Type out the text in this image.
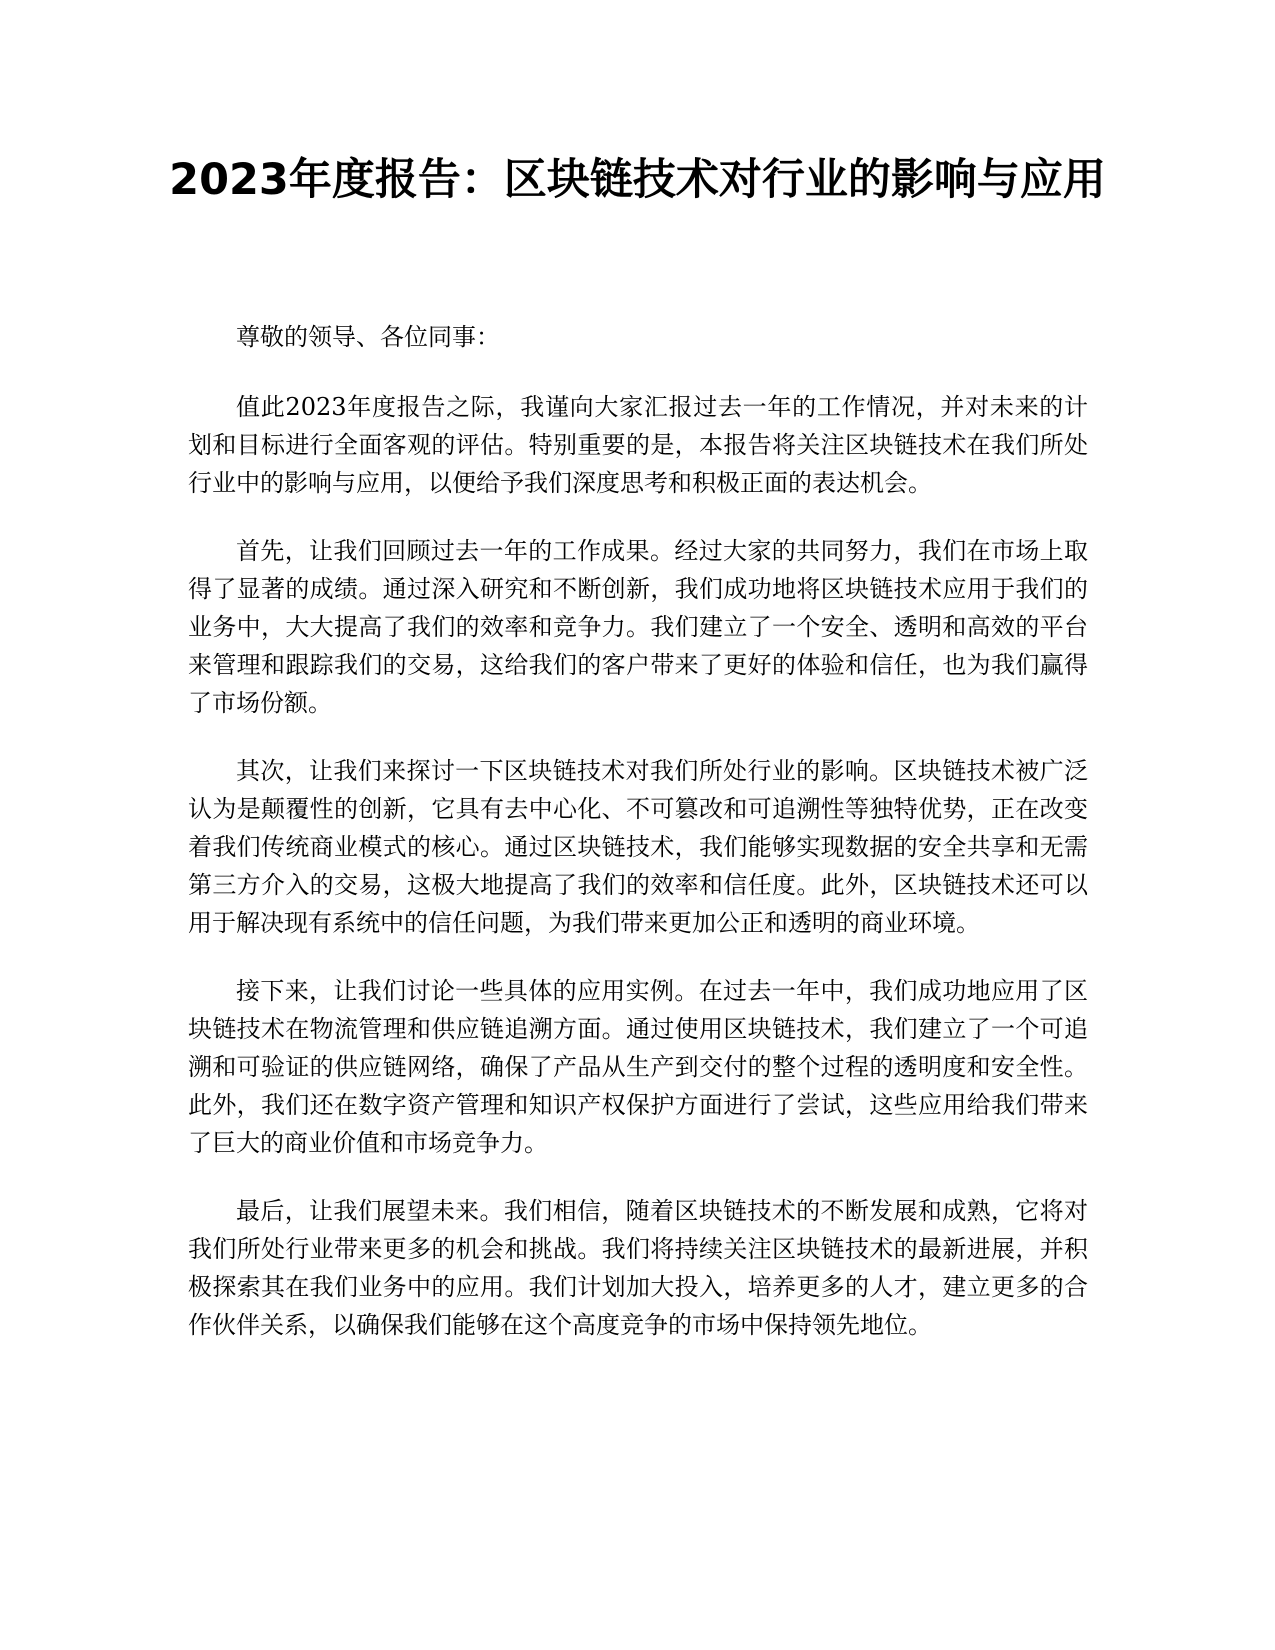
2023年度报告：区块链技术对行业的影响与应用

尊敬的领导、各位同事：

值此2023年度报告之际，我谨向大家汇报过去一年的工作情况，并对未来的计划和目标进行全面客观的评估。特别重要的是，本报告将关注区块链技术在我们所处行业中的影响与应用，以便给予我们深度思考和积极正面的表达机会。

首先，让我们回顾过去一年的工作成果。经过大家的共同努力，我们在市场上取得了显著的成绩。通过深入研究和不断创新，我们成功地将区块链技术应用于我们的业务中，大大提高了我们的效率和竞争力。我们建立了一个安全、透明和高效的平台来管理和跟踪我们的交易，这给我们的客户带来了更好的体验和信任，也为我们赢得了市场份额。

其次，让我们来探讨一下区块链技术对我们所处行业的影响。区块链技术被广泛认为是颠覆性的创新，它具有去中心化、不可篡改和可追溯性等独特优势，正在改变着我们传统商业模式的核心。通过区块链技术，我们能够实现数据的安全共享和无需第三方介入的交易，这极大地提高了我们的效率和信任度。此外，区块链技术还可以用于解决现有系统中的信任问题，为我们带来更加公正和透明的商业环境。

接下来，让我们讨论一些具体的应用实例。在过去一年中，我们成功地应用了区块链技术在物流管理和供应链追溯方面。通过使用区块链技术，我们建立了一个可追溯和可验证的供应链网络，确保了产品从生产到交付的整个过程的透明度和安全性。此外，我们还在数字资产管理和知识产权保护方面进行了尝试，这些应用给我们带来了巨大的商业价值和市场竞争力。

最后，让我们展望未来。我们相信，随着区块链技术的不断发展和成熟，它将对我们所处行业带来更多的机会和挑战。我们将持续关注区块链技术的最新进展，并积极探索其在我们业务中的应用。我们计划加大投入，培养更多的人才，建立更多的合作伙伴关系，以确保我们能够在这个高度竞争的市场中保持领先地位。
